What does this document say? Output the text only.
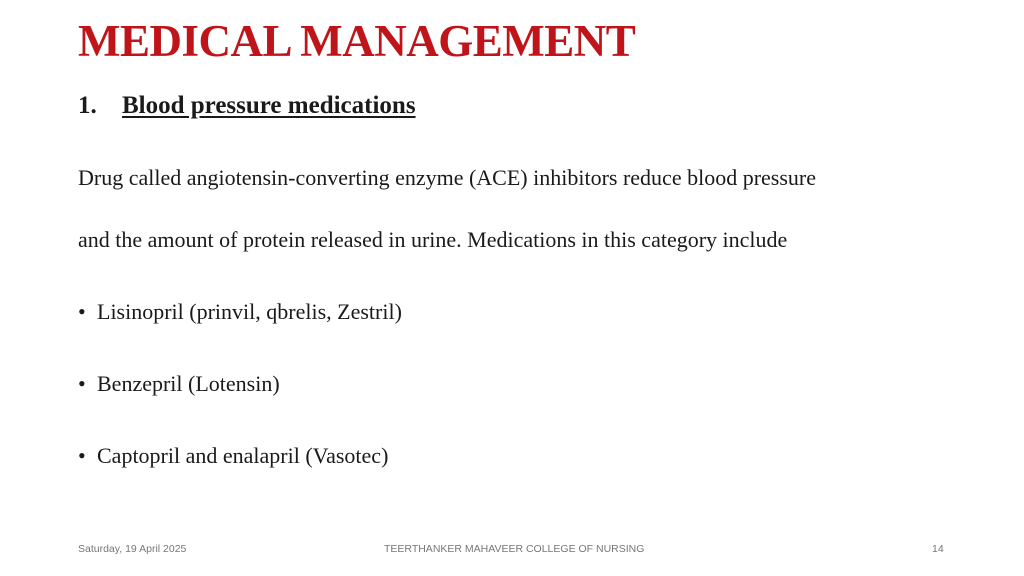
MEDICAL MANAGEMENT
1. Blood pressure medications
Drug called angiotensin-converting enzyme (ACE) inhibitors reduce blood pressure
and the amount of protein released in urine. Medications in this category include
• Lisinopril (prinvil, qbrelis, Zestril)
• Benzepril (Lotensin)
• Captopril and enalapril (Vasotec)
Saturday, 19 April 2025	TEERTHANKER MAHAVEER COLLEGE OF NURSING	14
